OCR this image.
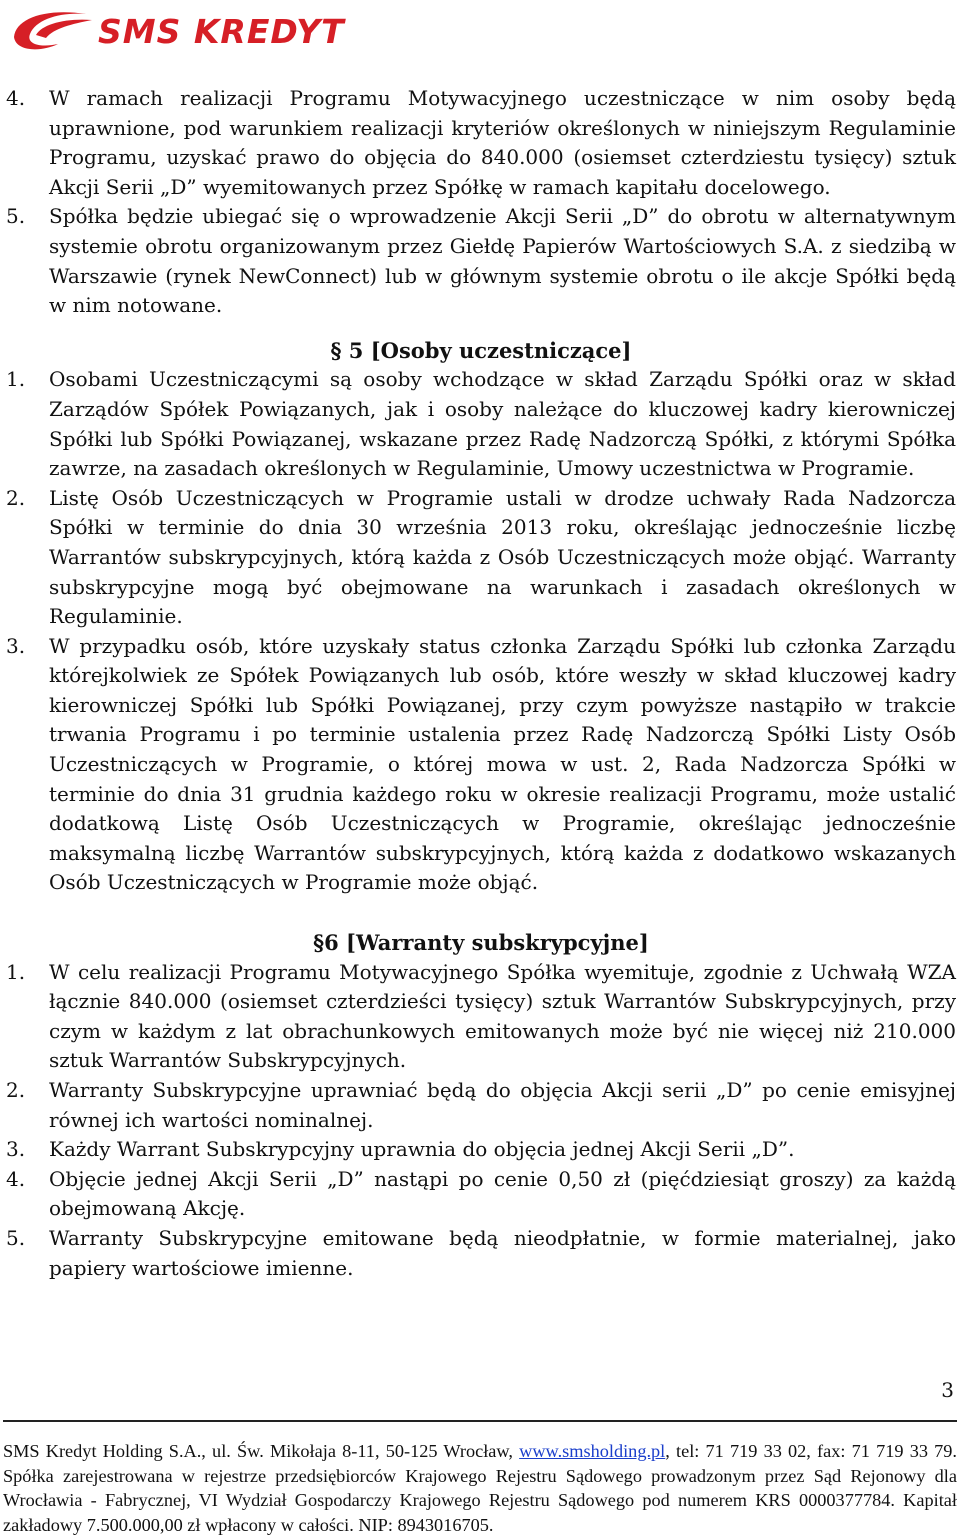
SMS KREDYT
4. W ramach realizacji Programu Motywacyjnego uczestniczące w nim osoby będą uprawnione, pod warunkiem realizacji kryteriów określonych w niniejszym Regulaminie Programu, uzyskać prawo do objęcia do 840.000 (osiemset czterdziestu tysięcy) sztuk Akcji Serii „D” wyemitowanych przez Spółkę w ramach kapitału docelowego.
5. Spółka będzie ubiegać się o wprowadzenie Akcji Serii „D” do obrotu w alternatywnym systemie obrotu organizowanym przez Giełdę Papierów Wartościowych S.A. z siedzibą w Warszawie (rynek NewConnect) lub w głównym systemie obrotu o ile akcje Spółki będą w nim notowane.

§ 5 [Osoby uczestniczące]

1. Osobami Uczestniczącymi są osoby wchodzące w skład Zarządu Spółki oraz w skład Zarządów Spółek Powiązanych, jak i osoby należące do kluczowej kadry kierowniczej Spółki lub Spółki Powiązanej, wskazane przez Radę Nadzorczą Spółki, z którymi Spółka zawrze, na zasadach określonych w Regulaminie, Umowy uczestnictwa w Programie.
2. Listę Osób Uczestniczących w Programie ustali w drodze uchwały Rada Nadzorcza Spółki w terminie do dnia 30 września 2013 roku, określając jednocześnie liczbę Warrantów subskrypcyjnych, którą każda z Osób Uczestniczących może objąć. Warranty subskrypcyjne mogą być obejmowane na warunkach i zasadach określonych w Regulaminie.
3. W przypadku osób, które uzyskały status członka Zarządu Spółki lub członka Zarządu którejkolwiek ze Spółek Powiązanych lub osób, które weszły w skład kluczowej kadry kierowniczej Spółki lub Spółki Powiązanej, przy czym powyższe nastąpiło w trakcie trwania Programu i po terminie ustalenia przez Radę Nadzorczą Spółki Listy Osób Uczestniczących w Programie, o której mowa w ust. 2, Rada Nadzorcza Spółki w terminie do dnia 31 grudnia każdego roku w okresie realizacji Programu, może ustalić dodatkową Listę Osób Uczestniczących w Programie, określając jednocześnie maksymalną liczbę Warrantów subskrypcyjnych, którą każda z dodatkowo wskazanych Osób Uczestniczących w Programie może objąć.

§6 [Warranty subskrypcyjne]

1. W celu realizacji Programu Motywacyjnego Spółka wyemituje, zgodnie z Uchwałą WZA łącznie 840.000 (osiemset czterdzieści tysięcy) sztuk Warrantów Subskrypcyjnych, przy czym w każdym z lat obrachunkowych emitowanych może być nie więcej niż 210.000 sztuk Warrantów Subskrypcyjnych.
2. Warranty Subskrypcyjne uprawniać będą do objęcia Akcji serii „D” po cenie emisyjnej równej ich wartości nominalnej.
3. Każdy Warrant Subskrypcyjny uprawnia do objęcia jednej Akcji Serii „D”.
4. Objęcie jednej Akcji Serii „D” nastąpi po cenie 0,50 zł (pięćdziesiąt groszy) za każdą obejmowaną Akcję.
5. Warranty Subskrypcyjne emitowane będą nieodpłatnie, w formie materialnej, jako papiery wartościowe imienne.
3
SMS Kredyt Holding S.A., ul. Św. Mikołaja 8-11, 50-125 Wrocław, www.smsholding.pl, tel: 71 719 33 02, fax: 71 719 33 79. Spółka zarejestrowana w rejestrze przedsiębiorców Krajowego Rejestru Sądowego prowadzonym przez Sąd Rejonowy dla Wrocławia - Fabrycznej, VI Wydział Gospodarczy Krajowego Rejestru Sądowego pod numerem KRS 0000377784. Kapitał zakładowy 7.500.000,00 zł wpłacony w całości. NIP: 8943016705.
